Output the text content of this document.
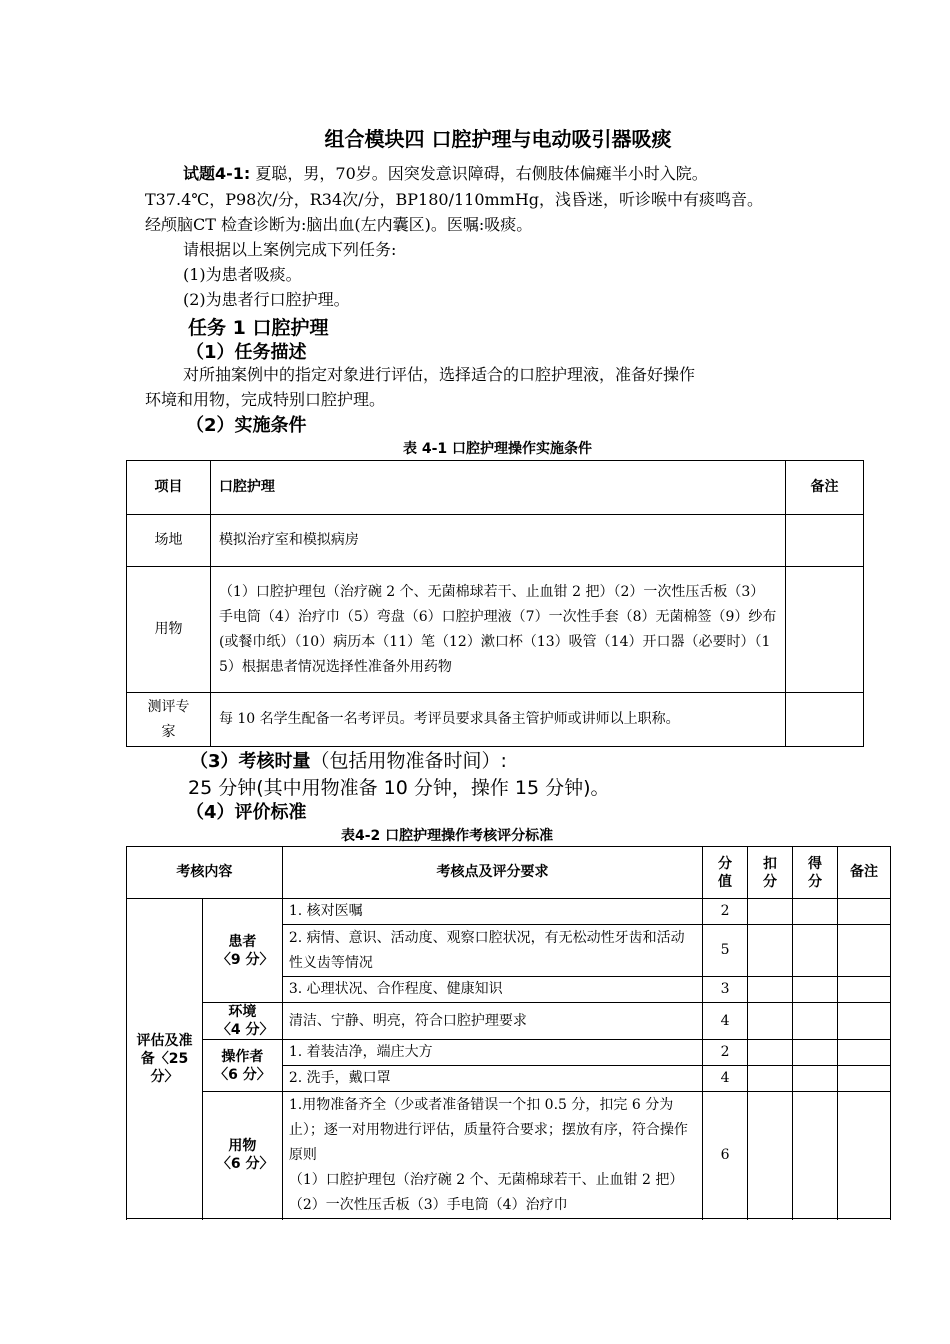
组合模块四 口腔护理与电动吸引器吸痰
试题4-1: 夏聪，男，70岁。因突发意识障碍，右侧肢体偏瘫半小时入院。
T37.4℃，P98次/分，R34次/分，BP180/110mmHg，浅昏迷，听诊喉中有痰鸣音。
经颅脑CT 检查诊断为:脑出血(左内囊区)。医嘱:吸痰。
请根据以上案例完成下列任务:
(1)为患者吸痰。
(2)为患者行口腔护理。
任务 1 口腔护理
（1）任务描述
对所抽案例中的指定对象进行评估，选择适合的口腔护理液，准备好操作
环境和用物，完成特别口腔护理。
（2）实施条件
表 4-1 口腔护理操作实施条件
项目	口腔护理	备注
场地	模拟治疗室和模拟病房	
用物	（1）口腔护理包（治疗碗 2 个、无菌棉球若干、止血钳 2 把）（2）一次性压舌板（3）手电筒（4）治疗巾（5）弯盘（6）口腔护理液（7）一次性手套（8）无菌棉签（9）纱布(或餐巾纸）（10）病历本（11）笔（12）漱口杯（13）吸管（14）开口器（必要时）（15）根据患者情况选择性准备外用药物	
测评专家	每 10 名学生配备一名考评员。考评员要求具备主管护师或讲师以上职称。	
（3）考核时量（包括用物准备时间）:
25 分钟(其中用物准备 10 分钟，操作 15 分钟)。
（4）评价标准
表4-2 口腔护理操作考核评分标准
考核内容		考核点及评分要求	分值	扣分	得分	备注
评估及准备〈25 分〉	患者〈9 分〉	1. 核对医嘱	2			
		2. 病情、意识、活动度、观察口腔状况，有无松动性牙齿和活动性义齿等情况	5			
		3. 心理状况、合作程度、健康知识	3			
	环境〈4 分〉	清洁、宁静、明亮，符合口腔护理要求	4			
	操作者〈6 分〉	1. 着装洁净，端庄大方	2			
		2. 洗手，戴口罩	4			
	用物〈6 分〉	1.用物准备齐全（少或者准备错误一个扣 0.5 分，扣完 6 分为止）；逐一对用物进行评估，质量符合要求；摆放有序，符合操作原则
（1）口腔护理包（治疗碗 2 个、无菌棉球若干、止血钳 2 把）（2）一次性压舌板（3）手电筒（4）治疗巾	6			
